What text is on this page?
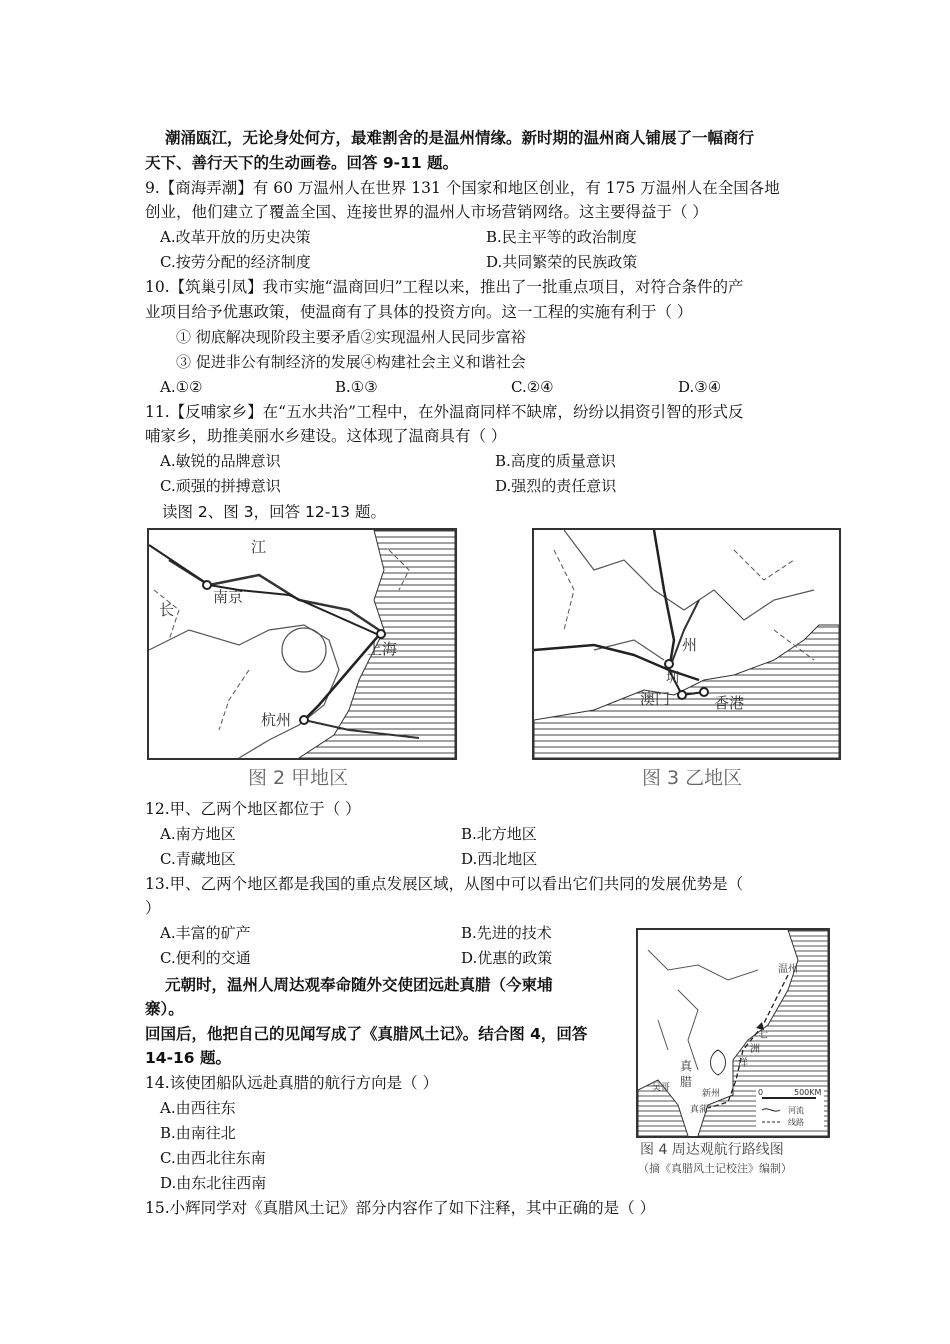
潮涌瓯江，无论身处何方，最难割舍的是温州情缘。新时期的温州商人铺展了一幅商行
天下、善行天下的生动画卷。回答 9-11 题。
9.【商海弄潮】有 60 万温州人在世界 131 个国家和地区创业，有 175 万温州人在全国各地
创业，他们建立了覆盖全国、连接世界的温州人市场营销网络。这主要得益于（ ）
A.改革开放的历史决策	B.民主平等的政治制度
C.按劳分配的经济制度	D.共同繁荣的民族政策
10.【筑巢引凤】我市实施“温商回归”工程以来，推出了一批重点项目，对符合条件的产
业项目给予优惠政策，使温商有了具体的投资方向。这一工程的实施有利于（ ）
① 彻底解决现阶段主要矛盾②实现温州人民同步富裕
③ 促进非公有制经济的发展④构建社会主义和谐社会
A.①②	B.①③	C.②④	D.③④
11.【反哺家乡】在“五水共治”工程中，在外温商同样不缺席，纷纷以捐资引智的形式反
哺家乡，助推美丽水乡建设。这体现了温商具有（ ）
A.敏锐的品牌意识	B.高度的质量意识
C.顽强的拼搏意识	D.强烈的责任意识
读图 2、图 3，回答 12-13 题。
江
长
南京
上海
杭州
图 2 甲地区
州
圳
澳门	香港
图 3 乙地区
12.甲、乙两个地区都位于（ ）
A.南方地区	B.北方地区
C.青藏地区	D.西北地区
13.甲、乙两个地区都是我国的重点发展区域，从图中可以看出它们共同的发展优势是（
）
A.丰富的矿产	B.先进的技术
C.便利的交通	D.优惠的政策
元朝时，温州人周达观奉命随外交使团远赴真腊（今柬埔
寨）。
回国后，他把自己的见闻写成了《真腊风土记》。结合图 4，回答
14-16 题。
温州
七
洲
洋
真
腊
吴哥
新州
真蒲
0	500KM
河流
线路
图 4 周达观航行路线图
（摘《真腊风土记校注》编制）
14.该使团船队远赴真腊的航行方向是（ ）
A.由西往东
B.由南往北
C.由西北往东南
D.由东北往西南
15.小辉同学对《真腊风土记》部分内容作了如下注释，其中正确的是（ ）
